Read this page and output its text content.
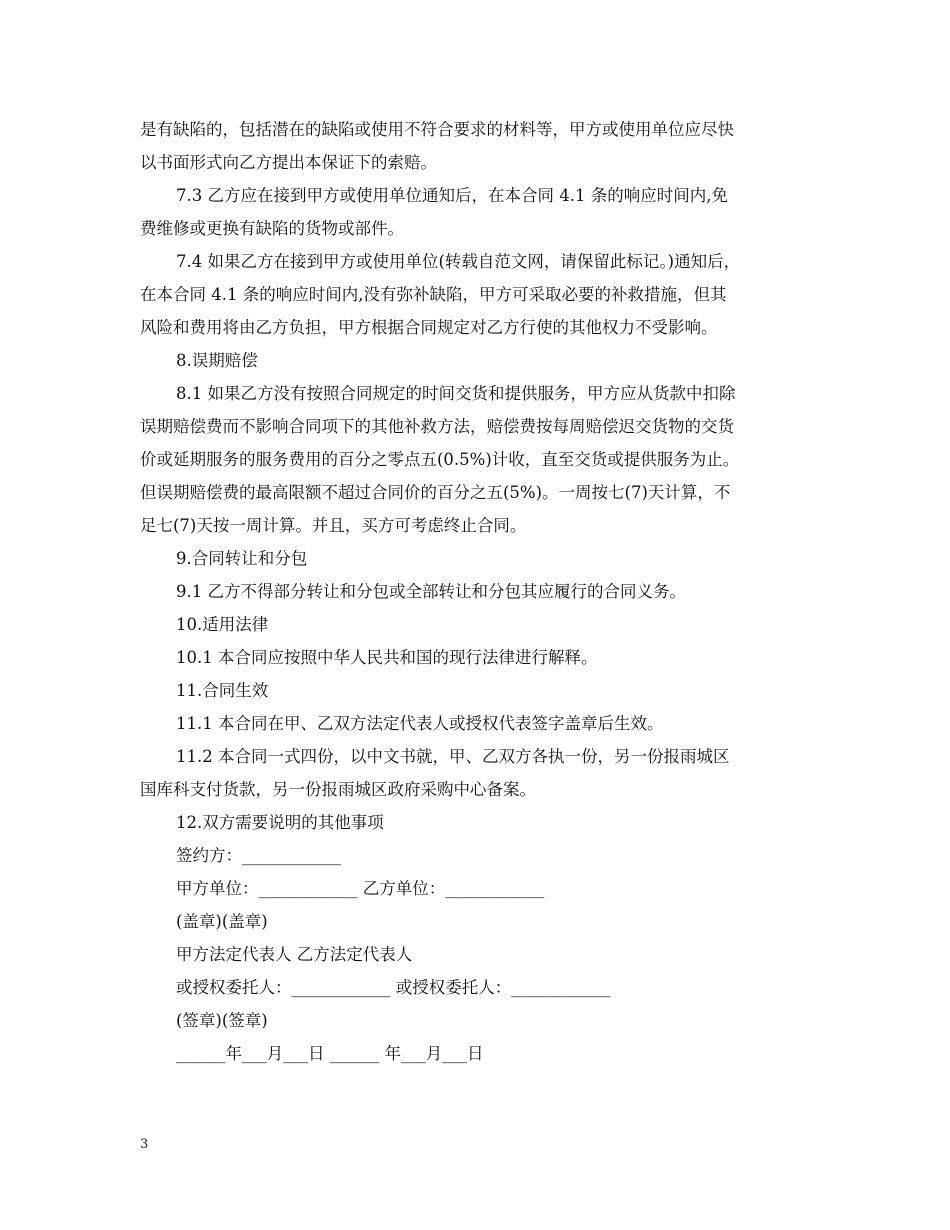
是有缺陷的，包括潜在的缺陷或使用不符合要求的材料等，甲方或使用单位应尽快

以书面形式向乙方提出本保证下的索赔。

7.3 乙方应在接到甲方或使用单位通知后，在本合同 4.1 条的响应时间内,免

费维修或更换有缺陷的货物或部件。

7.4 如果乙方在接到甲方或使用单位(转载自范文网，请保留此标记。)通知后，

在本合同 4.1 条的响应时间内,没有弥补缺陷，甲方可采取必要的补救措施，但其

风险和费用将由乙方负担，甲方根据合同规定对乙方行使的其他权力不受影响。

8.误期赔偿

8.1 如果乙方没有按照合同规定的时间交货和提供服务，甲方应从货款中扣除

误期赔偿费而不影响合同项下的其他补救方法，赔偿费按每周赔偿迟交货物的交货

价或延期服务的服务费用的百分之零点五(0.5%)计收，直至交货或提供服务为止。

但误期赔偿费的最高限额不超过合同价的百分之五(5%)。一周按七(7)天计算，不

足七(7)天按一周计算。并且，买方可考虑终止合同。

9.合同转让和分包

9.1 乙方不得部分转让和分包或全部转让和分包其应履行的合同义务。

10.适用法律

10.1 本合同应按照中华人民共和国的现行法律进行解释。

11.合同生效

11.1 本合同在甲、乙双方法定代表人或授权代表签字盖章后生效。

11.2 本合同一式四份，以中文书就，甲、乙双方各执一份，另一份报雨城区

国库科支付货款，另一份报雨城区政府采购中心备案。

12.双方需要说明的其他事项

签约方：____________

甲方单位：____________ 乙方单位：____________

(盖章)(盖章)

甲方法定代表人 乙方法定代表人

或授权委托人：____________ 或授权委托人：____________

(签章)(签章)

______年___月___日 ______ 年___月___日

3
